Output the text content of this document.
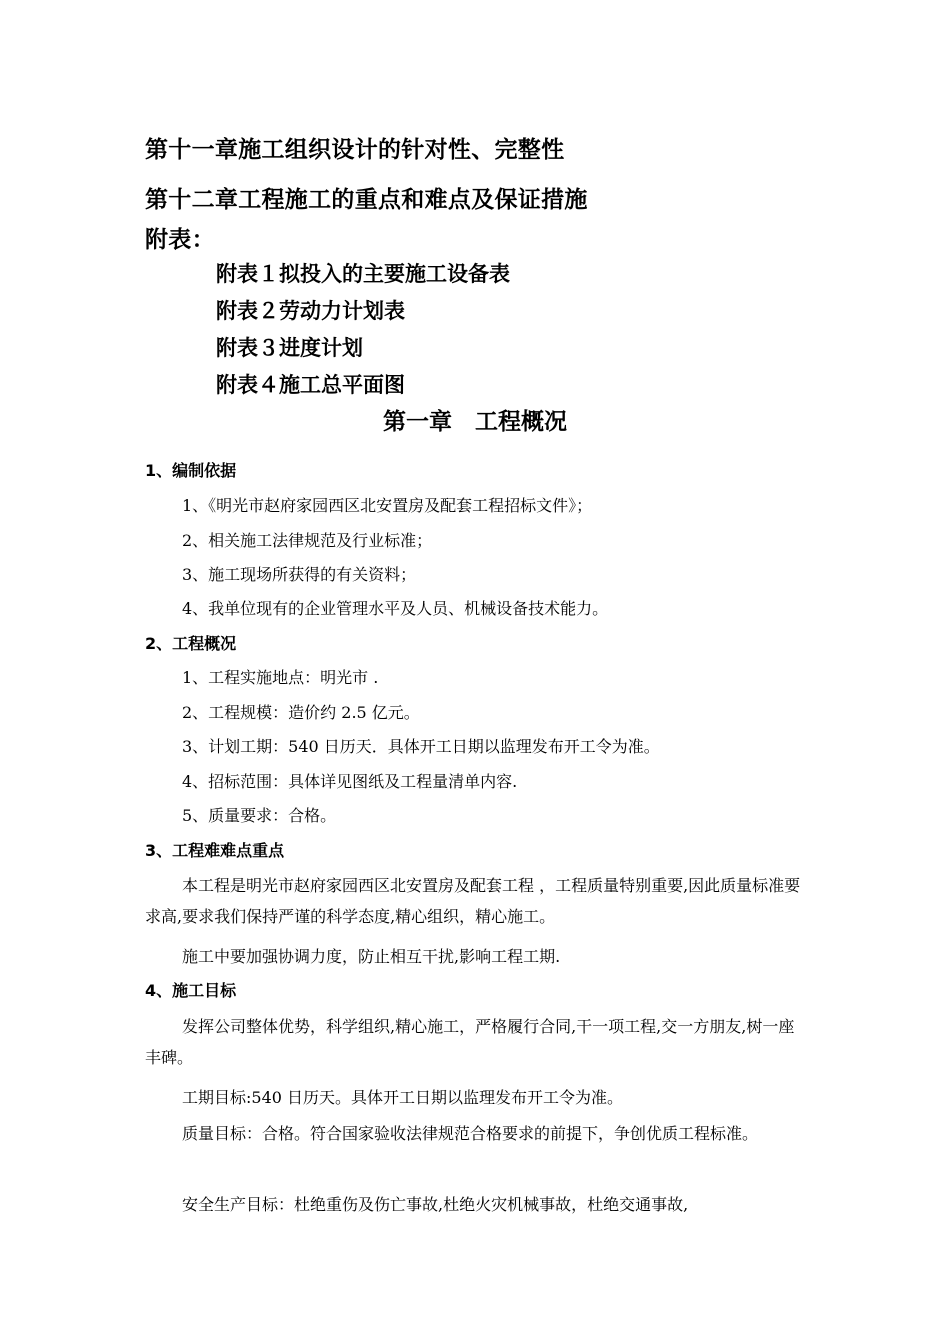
第十一章施工组织设计的针对性、完整性
第十二章工程施工的重点和难点及保证措施
附表：
附表１拟投入的主要施工设备表
附表２劳动力计划表
附表３进度计划
附表４施工总平面图
第一章　工程概况
1、编制依据
1、《明光市赵府家园西区北安置房及配套工程招标文件》；
2、相关施工法律规范及行业标准；
3、施工现场所获得的有关资料；
4、我单位现有的企业管理水平及人员、机械设备技术能力。
2、工程概况
1、工程实施地点：明光市 .
2、工程规模：造价约 2.5 亿元。
3、计划工期：540 日历天．具体开工日期以监理发布开工令为准。
4、招标范围：具体详见图纸及工程量清单内容.
5、质量要求：合格。
3、工程难难点重点

本工程是明光市赵府家园西区北安置房及配套工程 ，工程质量特别重要,因此质量标准要求高,要求我们保持严谨的科学态度,精心组织，精心施工。

施工中要加强协调力度，防止相互干扰,影响工程工期.

4、施工目标

发挥公司整体优势，科学组织,精心施工，严格履行合同,干一项工程,交一方朋友,树一座丰碑。

工期目标:540 日历天。具体开工日期以监理发布开工令为准。

质量目标：合格。符合国家验收法律规范合格要求的前提下，争创优质工程标准。

安全生产目标：杜绝重伤及伤亡事故,杜绝火灾机械事故，杜绝交通事故,
